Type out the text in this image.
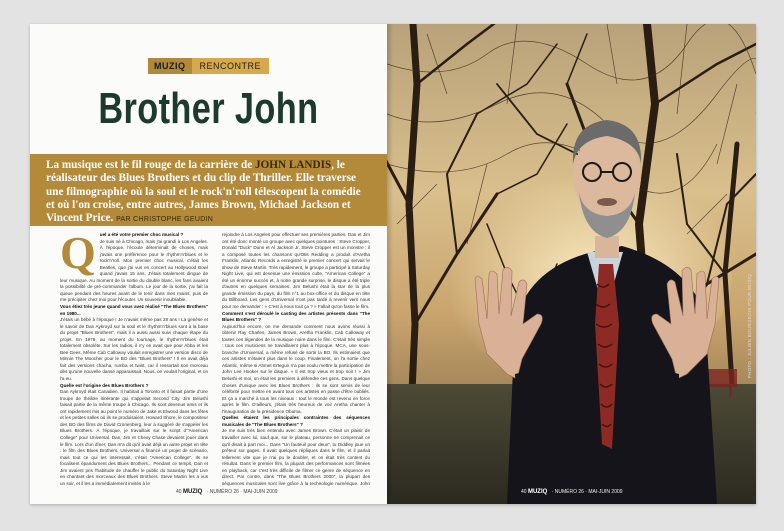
MUZIQ	RENCONTRE
Brother John

La musique est le fil rouge de la carrière de JOHN LANDIS, le réalisateur des Blues Brothers et du clip de Thriller. Elle traverse une filmographie où la soul et le rock'n'roll télescopent la comédie et où l'on croise, entre autres, James Brown, Michael Jackson et Vincent Price. PAR CHRISTOPHE GEUDIN

Q uel a été votre premier choc musical ?

Je suis né à Chicago, mais j'ai grandi à Los Angeles. À l'époque, l'écoute déterminait de choses, mais j'avais une préférence pour le rhythm'n'blues et le rock'n'roll. Mon premier choc musical, c'était les Beatles, que j'ai vus en concert au Hollywood Bowl quand j'avais 15 ans. J'étais totalement dingue de leur musique. Au moment de la sortie du double blanc, les fans avaient la possibilité de pré-commander l'album. Le jour de la sortie, j'ai fait la queue pendant des heures avant de le tenir dans mes mains, puis de me précipiter chez moi pour l'écouter. Un souvenir inoubliable.

Vous étiez très jeune quand vous avez réalisé "The Blues Brothers" en 1980...

J'étais un bébé à l'époque ! Je n'avais même pas 28 ans ! La genèse et le savoir de Dan Aykroyd sur la soul et le rhythm'n'blues sont à la base du projet "Blues Brothers", mais il a aussi aussi suivi chaque étape du projet. En 1979, au moment du tournage, le rhythm'n'blues était totalement obsolète. Sur les radios, il n'y en avait que pour Abba et les Bee Gees. Même Cab Calloway voulait enregistrer une version disco de Minnie The Moocher pour le BO des "Blues Brothers" ! Il en avait déjà fait des versions chacha, rumba et twist, car il ressortait son morceau dès qu'une nouvelle danse apparaissait. Nous, on voulait l'original, et on l'a eu.

Quelle est l'origine des Blues Brothers ?

Dan Aykroyd était Canadien. Il habitait à Toronto et il faisait partie d'une troupe de théâtre itinérante qui s'appelait Second City. Jim Belushi faisait partie de la même troupe à Chicago. Ils sont devenus amis et ils ont rapidement mis au point le numéro de Jake et Elwood dans les fêtes et les petites salles où ils se produisaient. Howard Shore, le compositeur des BO des films de David Cronenberg, leur a suggéré de s'appeler les Blues Brothers. À l'époque, je travaillais sur le script d'"American College" pour Universal. Dan, Jim et Chevy Chase devaient jouer dans le film. Lors d'un dîner, Dan m'a dit qu'il avait déjà un autre projet en tête : le film des Blues Brothers. Universal a financé un projet de scénario, mais tout ce qui les intéressait, c'était "American College". Ils se focalisent épandument des Blues Brothers... Pendant ce temps, Dan et Jim avaient pris l'habitude de chauffer le public du Saturday Night Live en chantant des morceaux des Blues Brothers. Steve Martin les a vus un soir, et il les a immédiatement invités à le

rejoindre à Los Angeles pour effectuer ses premières parties. Dan et Jim ont été donc monté un groupe avec quelques pointures : Steve Cropper, Donald "Duck" Dunn et Al Jackson Jr. Steve Cropper est un monstre : il a composé toutes les chansons qu'Otis Redding a produit d'Aretha Franklin, Atlantic Records a enregistré le premier concert qui servait le show de Steve Martin. Très rapidement, le groupe a participé à Saturday Night Live, qui est devenue une émission culte. "American College" a été un énorme succès et, à notre grande surprise, le disque a été triple d'autres en quelques semaines. Jim Belushi était la star de la plus grande émission du pays, du film n°1 au box-office et du disque en tête du Billboard. Les gens d'Universal n'ont pas tardé à revenir vers nous pour me demander : « C'est à nous tout ça ? » Fallait qu'on fasse le film.

Comment s'est déroulé le casting des artistes présents dans "The Blues Brothers" ?

Aujourd'hui encore, on me demande comment nous avons réussi à obtenir Ray Charles, James Brown, Aretha Franklin, Cab Calloway et toutes ces légendes de la musique noire dans le film. C'était très simple : tous ces musiciens ne travaillaient plus à l'époque. MCA, une sous-branche d'Universal, a même refusé de sortir la BO. Ils estimaient que ces artistes n'étaient plus dans le coup. Finalement, on l'a sortie chez Atlantic, même si Ahmet Ertegun n'a pas voulu mettre la participation de John Lee Hooker sur le disque. « Il est trop vieux et trop noir ! » Jim Belushi et moi, on était les premiers à défendre ces gens. Dans quelque choses d'unique avec les Blues Brothers : ils se sont servis de leur célébrité pour mettre en avant tous ces artistes en passe d'être oubliés. Et ça a marché à tous les niveaux : tout le monde est revenu en force après le film. D'ailleurs, j'étais très heureux de voir Aretha chanter à l'inauguration de la présidence Obama.

Quelles étaient les principales contraintes des séquences musicales de "The Blues Brothers" ?

Je me suis très bien entendu avec James Brown. C'était un plaisir de travailler avec lui, sauf que, sur le plateau, personne ne comprenait ce qu'il disait à part moi... Dans "Un fauteuil pour deux", tu Diddley joue un prêteur sur gages. Il avait quelques répliques dans le film, et il parlait tellement vite que je n'ai pu le doubler, et on était très content du résultat. Dans le premier film, la plupart des performances sont filmées en playback, car c'est très difficile de filmer ce genre de séquence en direct. Par contre, dans "The Blues Brothers 2000", la plupart des séquences musicales sont live grâce à la technologie numérique. John

40 MUZIQ · NUMÉRO 26 · MAI-JUIN 2009
PHOTO : JULIEN BOURGEOIS POUR MUZIQ
40 MUZIQ · NUMÉRO 26 · MAI-JUIN 2009
